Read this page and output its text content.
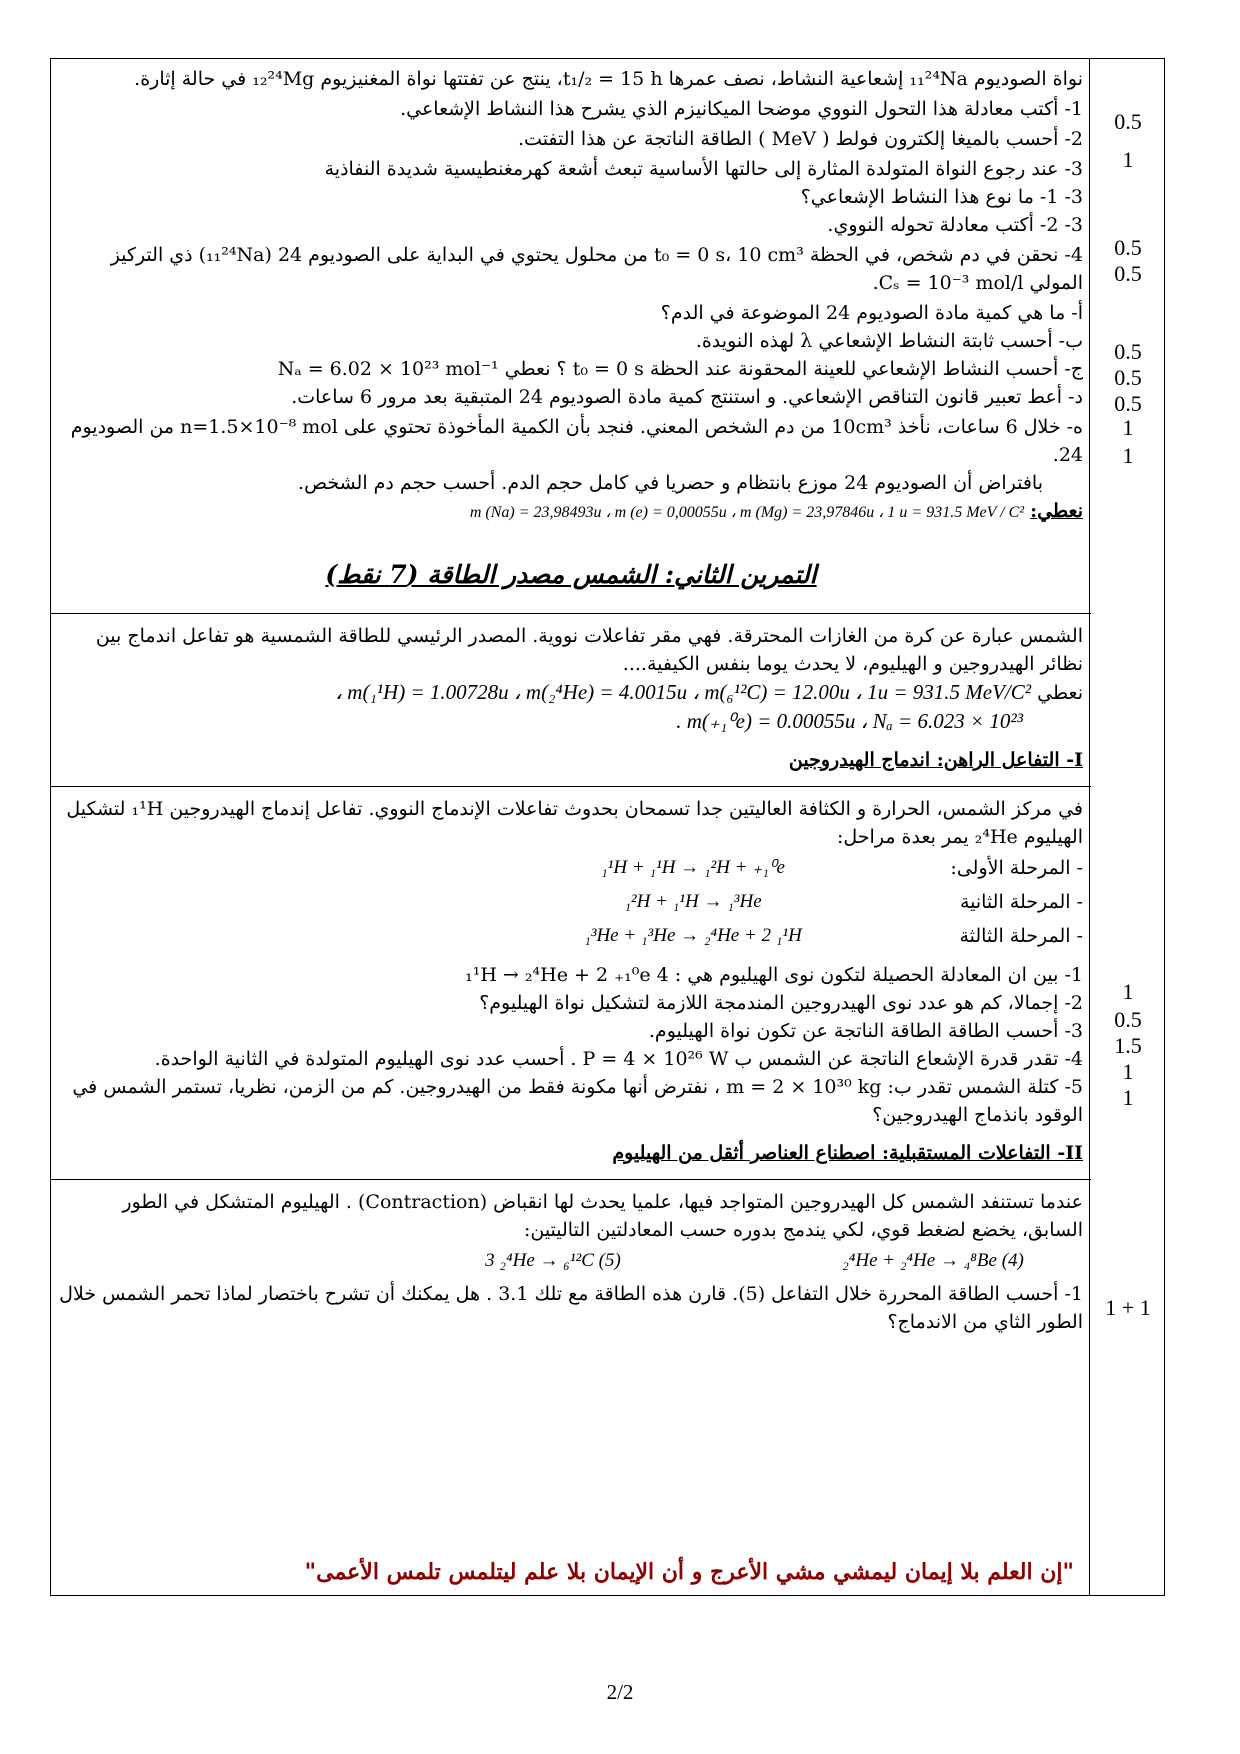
نواة الصوديوم ₁₁²⁴Na إشعاعية النشاط، نصف عمرها t₁/₂ = 15 h، ينتج عن تفتتها نواة المغنيزيوم ₁₂²⁴Mg في حالة إثارة.
1- أكتب معادلة هذا التحول النووي موضحا الميكانيزم الذي يشرح هذا النشاط الإشعاعي.
2- أحسب بالميغا إلكترون فولط ( MeV ) الطاقة الناتجة عن هذا التفتت.
3- عند رجوع النواة المتولدة المثارة إلى حالتها الأساسية تبعث أشعة كهرمغنطيسية شديدة النفاذية
3- 1- ما نوع هذا النشاط الإشعاعي؟
3- 2- أكتب معادلة تحوله النووي.
4- نحقن في دم شخص، في الحظة t₀ = 0 s، 10 cm³ من محلول يحتوي في البداية على الصوديوم 24 (₁₁²⁴Na) ذي التركيز المولي Cₛ = 10⁻³ mol/l.
أ- ما هي كمية مادة الصوديوم 24 الموضوعة في الدم؟
ب- أحسب ثابتة النشاط الإشعاعي λ لهذه النويدة.
ج- أحسب النشاط الإشعاعي للعينة المحقونة عند الحظة t₀ = 0 s ؟ نعطي Nₐ = 6.02 × 10²³ mol⁻¹
د- أعط تعبير قانون التناقص الإشعاعي. و استنتج كمية مادة الصوديوم 24 المتبقية بعد مرور 6 ساعات.
ه- خلال 6 ساعات، نأخذ 10cm³ من دم الشخص المعني. فنجد بأن الكمية المأخوذة تحتوي على n=1.5×10⁻⁸ mol من الصوديوم 24.
بافتراض أن الصوديوم 24 موزع بانتظام و حصريا في كامل حجم الدم. أحسب حجم دم الشخص.
نعطي: m (Na) = 23,98493u ، m (e) = 0,00055u ، m (Mg) = 23,97846u ، 1 u = 931.5 MeV / C²
التمرين الثاني: الشمس مصدر الطاقة (7 نقط)
الشمس عبارة عن كرة من الغازات المحترقة. فهي مقر تفاعلات نووية. المصدر الرئيسي للطاقة الشمسية هو تفاعل اندماج بين نظائر الهيدروجين و الهيليوم، لا يحدث يوما بنفس الكيفية....
نعطي m(₁¹H) = 1.00728u ، m(₂⁴He) = 4.0015u ، m(₆¹²C) = 12.00u ، 1u = 931.5 MeV/C² ،
m(₊₁⁰e) = 0.00055u ، Nₐ = 6.023 × 10²³ .
I- التفاعل الراهن: اندماج الهيدروجين
في مركز الشمس، الحرارة و الكثافة العاليتين جدا تسمحان بحدوث تفاعلات الإندماج النووي. تفاعل إندماج الهيدروجين ₁¹H لتشكيل الهيليوم ₂⁴He يمر بعدة مراحل:
- المرحلة الأولى:
₁¹H + ₁¹H → ₁²H + ₊₁⁰e
- المرحلة الثانية
₁²H + ₁¹H → ₁³He
- المرحلة الثالثة
₁³He + ₁³He → ₂⁴He + 2 ₁¹H
1- بين ان المعادلة الحصيلة لتكون نوى الهيليوم هي : 4 ₁¹H → ₂⁴He + 2 ₊₁⁰e
2- إجمالا، كم هو عدد نوى الهيدروجين المندمجة اللازمة لتشكيل نواة الهيليوم؟
3- أحسب الطاقة الطاقة الناتجة عن تكون نواة الهيليوم.
4- تقدر قدرة الإشعاع الناتجة عن الشمس ب P = 4 × 10²⁶ W . أحسب عدد نوى الهيليوم المتولدة في الثانية الواحدة.
5- كتلة الشمس تقدر ب: m = 2 × 10³⁰ kg ، نفترض أنها مكونة فقط من الهيدروجين. كم من الزمن، نظريا، تستمر الشمس في الوقود بانذماج الهيدروجين؟
II- التفاعلات المستقبلية: اصطناع العناصر أثقل من الهيليوم
عندما تستنفد الشمس كل الهيدروجين المتواجد فيها، علميا يحدث لها انقباض (Contraction) . الهيليوم المتشكل في الطور السابق، يخضع لضغط قوي، لكي يندمج بدوره حسب المعادلتين التاليتين:
₂⁴He + ₂⁴He → ₄⁸Be (4)
3 ₂⁴He → ₆¹²C (5)
1- أحسب الطاقة المحررة خلال التفاعل (5). قارن هذه الطاقة مع تلك 3.1 . هل يمكنك أن تشرح باختصار لماذا تحمر الشمس خلال الطور الثاي من الاندماج؟
0.5
1
0.5
0.5
0.5
0.5
0.5
1
1
1
0.5
1.5
1
1
1 + 1
"إن العلم بلا إيمان ليمشي مشي الأعرج و أن الإيمان بلا علم ليتلمس تلمس الأعمى"
2/2
